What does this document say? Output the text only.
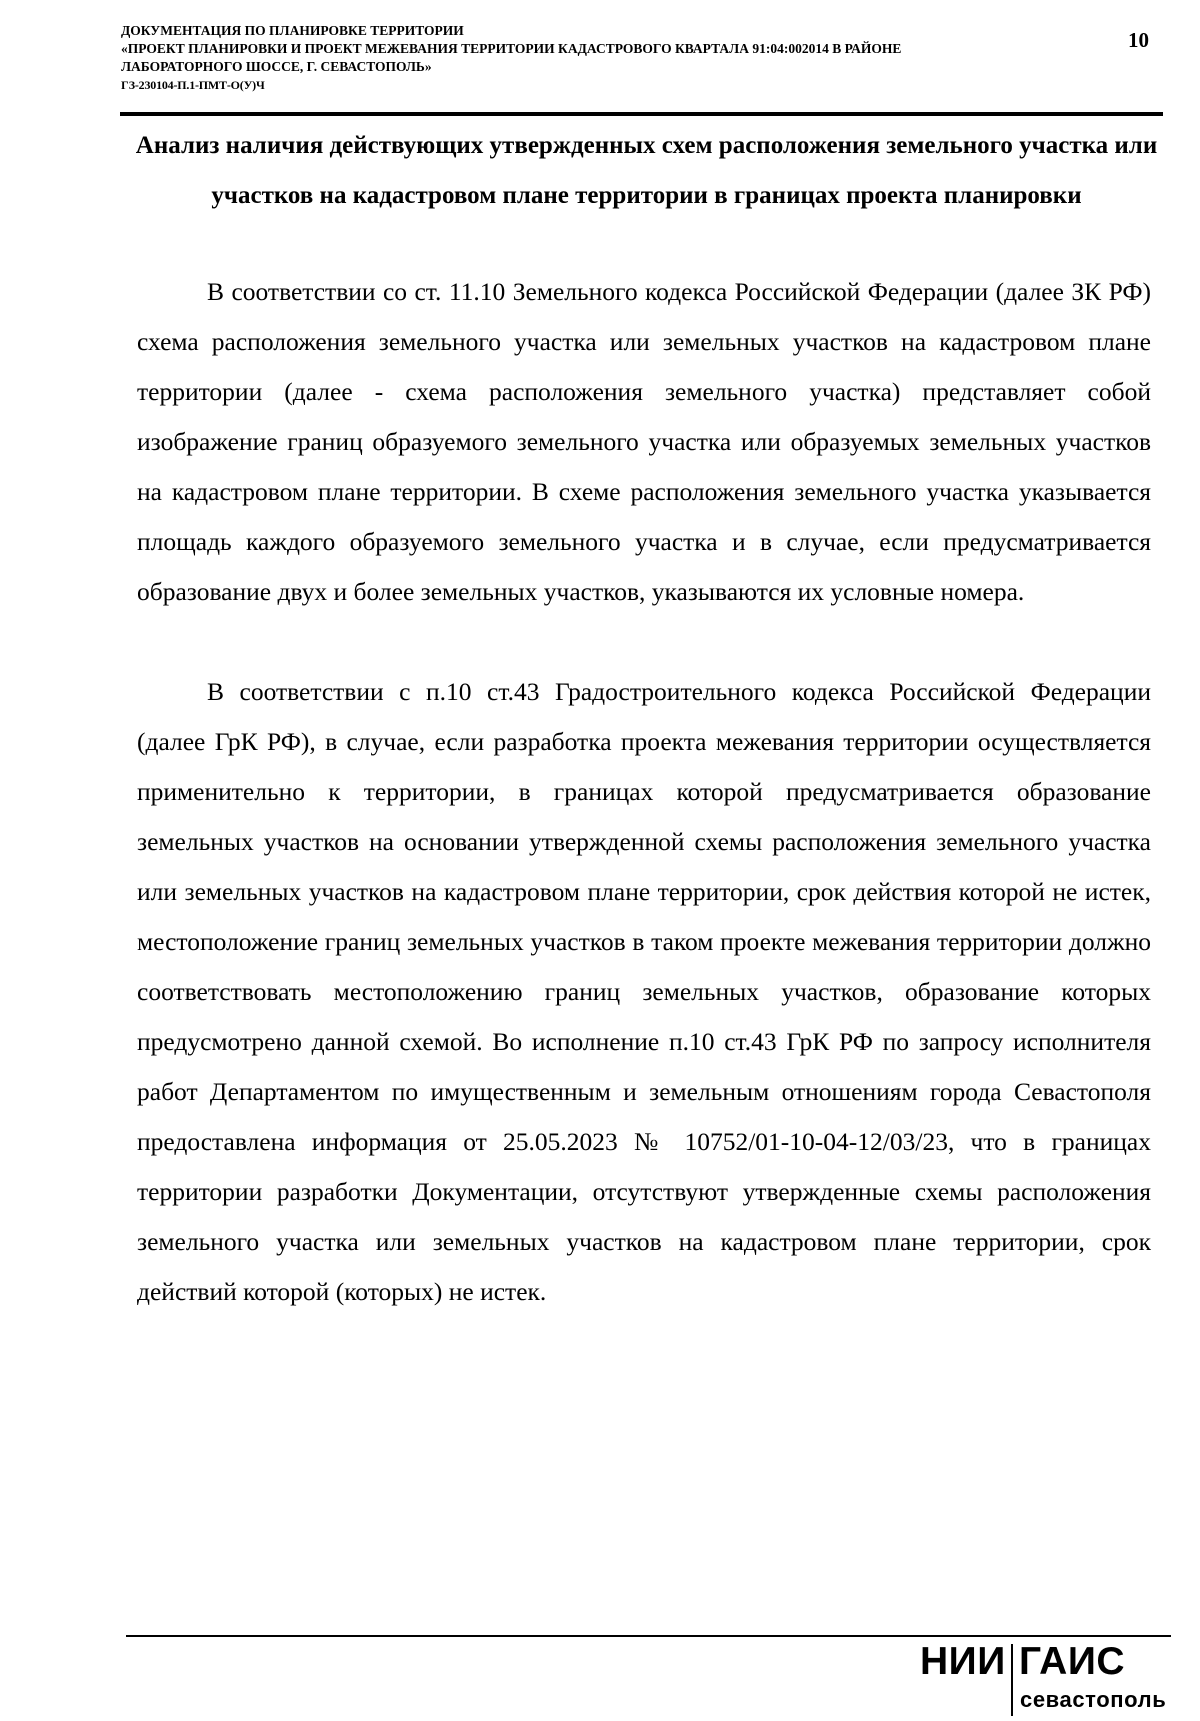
ДОКУМЕНТАЦИЯ ПО ПЛАНИРОВКЕ ТЕРРИТОРИИ
«ПРОЕКТ ПЛАНИРОВКИ И ПРОЕКТ МЕЖЕВАНИЯ ТЕРРИТОРИИ КАДАСТРОВОГО КВАРТАЛА 91:04:002014 В РАЙОНЕ
ЛАБОРАТОРНОГО ШОССЕ, Г. СЕВАСТОПОЛЬ»
ГЗ-230104-П.1-ПМТ-О(У)Ч
10
Анализ наличия действующих утвержденных схем расположения земельного участка или участков на кадастровом плане территории в границах проекта планировки

В соответствии со ст. 11.10 Земельного кодекса Российской Федерации (далее ЗК РФ) схема расположения земельного участка или земельных участков на кадастровом плане территории (далее - схема расположения земельного участка) представляет собой изображение границ образуемого земельного участка или образуемых земельных участков на кадастровом плане территории. В схеме расположения земельного участка указывается площадь каждого образуемого земельного участка и в случае, если предусматривается образование двух и более земельных участков, указываются их условные номера.

В соответствии с п.10 ст.43 Градостроительного кодекса Российской Федерации (далее ГрК РФ), в случае, если разработка проекта межевания территории осуществляется применительно к территории, в границах которой предусматривается образование земельных участков на основании утвержденной схемы расположения земельного участка или земельных участков на кадастровом плане территории, срок действия которой не истек, местоположение границ земельных участков в таком проекте межевания территории должно соответствовать местоположению границ земельных участков, образование которых предусмотрено данной схемой. Во исполнение п.10 ст.43 ГрК РФ по запросу исполнителя работ Департаментом по имущественным и земельным отношениям города Севастополя предоставлена информация от 25.05.2023 № 10752/01-10-04-12/03/23, что в границах территории разработки Документации, отсутствуют утвержденные схемы расположения земельного участка или земельных участков на кадастровом плане территории, срок действий которой (которых) не истек.

НИИ ГАИС
севастополь
